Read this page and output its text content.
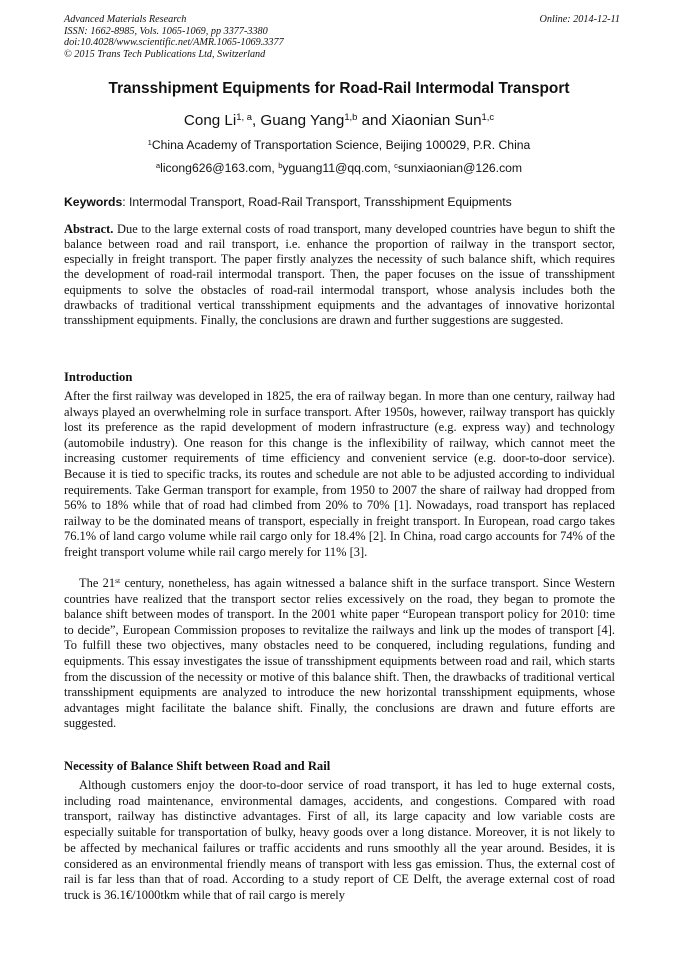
Advanced Materials Research
ISSN: 1662-8985, Vols. 1065-1069, pp 3377-3380
doi:10.4028/www.scientific.net/AMR.1065-1069.3377
© 2015 Trans Tech Publications Ltd, Switzerland
Online: 2014-12-11
Transshipment Equipments for Road-Rail Intermodal Transport
Cong Li$^{1, a}$, Guang Yang$^{1,b}$ and Xiaonian Sun$^{1,c}$
$^1$China Academy of Transportation Science, Beijing 100029, P.R. China
$^a$licong626@163.com, $^b$yguang11@qq.com, $^c$sunxiaonian@126.com
Keywords: Intermodal Transport, Road-Rail Transport, Transshipment Equipments

Abstract. Due to the large external costs of road transport, many developed countries have begun to shift the balance between road and rail transport, i.e. enhance the proportion of railway in the transport sector, especially in freight transport. The paper firstly analyzes the necessity of such balance shift, which requires the development of road-rail intermodal transport. Then, the paper focuses on the issue of transshipment equipments to solve the obstacles of road-rail intermodal transport, whose analysis includes both the drawbacks of traditional vertical transshipment equipments and the advantages of innovative horizontal transshipment equipments. Finally, the conclusions are drawn and further suggestions are suggested.

Introduction

After the first railway was developed in 1825, the era of railway began. In more than one century, railway had always played an overwhelming role in surface transport. After 1950s, however, railway transport has quickly lost its preference as the rapid development of modern infrastructure (e.g. express way) and technology (automobile industry). One reason for this change is the inflexibility of railway, which cannot meet the increasing customer requirements of time efficiency and convenient service (e.g. door-to-door service). Because it is tied to specific tracks, its routes and schedule are not able to be adjusted according to individual requirements. Take German transport for example, from 1950 to 2007 the share of railway had dropped from 56% to 18% while that of road had climbed from 20% to 70% [1]. Nowadays, road transport has replaced railway to be the dominated means of transport, especially in freight transport. In European, road cargo takes 76.1% of land cargo volume while rail cargo only for 18.4% [2]. In China, road cargo accounts for 74% of the freight transport volume while rail cargo merely for 11% [3].

The 21st century, nonetheless, has again witnessed a balance shift in the surface transport. Since Western countries have realized that the transport sector relies excessively on the road, they began to promote the balance shift between modes of transport. In the 2001 white paper “European transport policy for 2010: time to decide”, European Commission proposes to revitalize the railways and link up the modes of transport [4]. To fulfill these two objectives, many obstacles need to be conquered, including regulations, funding and equipments. This essay investigates the issue of transshipment equipments between road and rail, which starts from the discussion of the necessity or motive of this balance shift. Then, the drawbacks of traditional vertical transshipment equipments are analyzed to introduce the new horizontal transshipment equipments, whose advantages might facilitate the balance shift. Finally, the conclusions are drawn and future efforts are suggested.

Necessity of Balance Shift between Road and Rail

Although customers enjoy the door-to-door service of road transport, it has led to huge external costs, including road maintenance, environmental damages, accidents, and congestions. Compared with road transport, railway has distinctive advantages. First of all, its large capacity and low variable costs are especially suitable for transportation of bulky, heavy goods over a long distance. Moreover, it is not likely to be affected by mechanical failures or traffic accidents and runs smoothly all the year around. Besides, it is considered as an environmental friendly means of transport with less gas emission. Thus, the external cost of rail is far less than that of road. According to a study report of CE Delft, the average external cost of road truck is 36.1€/1000tkm while that of rail cargo is merely
